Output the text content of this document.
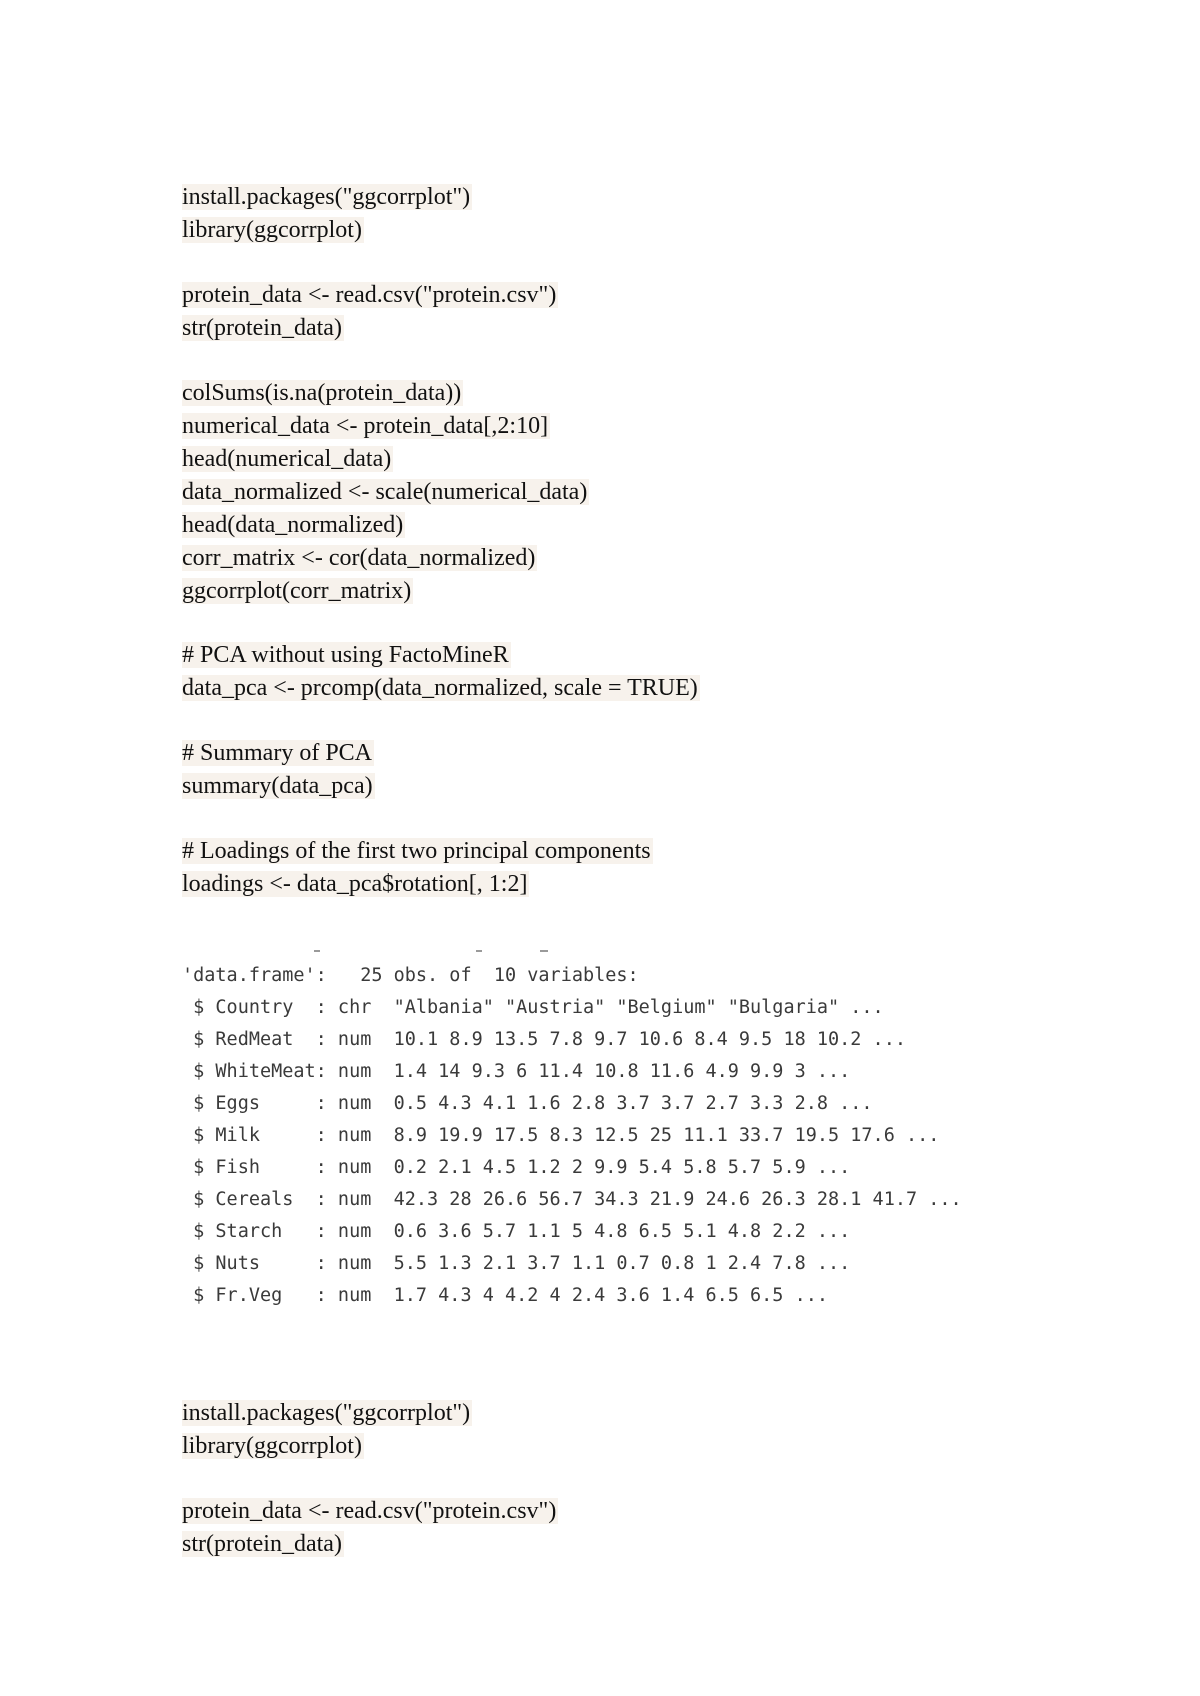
install.packages("ggcorrplot")
library(ggcorrplot)
protein_data <- read.csv("protein.csv")
str(protein_data)
colSums(is.na(protein_data))
numerical_data <- protein_data[,2:10]
head(numerical_data)
data_normalized <- scale(numerical_data)
head(data_normalized)
corr_matrix <- cor(data_normalized)
ggcorrplot(corr_matrix)
# PCA without using FactoMineR
data_pca <- prcomp(data_normalized, scale = TRUE)
# Summary of PCA
summary(data_pca)
# Loadings of the first two principal components
loadings <- data_pca$rotation[, 1:2]
'data.frame':   25 obs. of  10 variables:
$ Country  : chr  "Albania" "Austria" "Belgium" "Bulgaria" ...
$ RedMeat  : num  10.1 8.9 13.5 7.8 9.7 10.6 8.4 9.5 18 10.2 ...
$ WhiteMeat: num  1.4 14 9.3 6 11.4 10.8 11.6 4.9 9.9 3 ...
$ Eggs     : num  0.5 4.3 4.1 1.6 2.8 3.7 3.7 2.7 3.3 2.8 ...
$ Milk     : num  8.9 19.9 17.5 8.3 12.5 25 11.1 33.7 19.5 17.6 ...
$ Fish     : num  0.2 2.1 4.5 1.2 2 9.9 5.4 5.8 5.7 5.9 ...
$ Cereals  : num  42.3 28 26.6 56.7 34.3 21.9 24.6 26.3 28.1 41.7 ...
$ Starch   : num  0.6 3.6 5.7 1.1 5 4.8 6.5 5.1 4.8 2.2 ...
$ Nuts     : num  5.5 1.3 2.1 3.7 1.1 0.7 0.8 1 2.4 7.8 ...
$ Fr.Veg   : num  1.7 4.3 4 4.2 4 2.4 3.6 1.4 6.5 6.5 ...
install.packages("ggcorrplot")
library(ggcorrplot)
protein_data <- read.csv("protein.csv")
str(protein_data)
